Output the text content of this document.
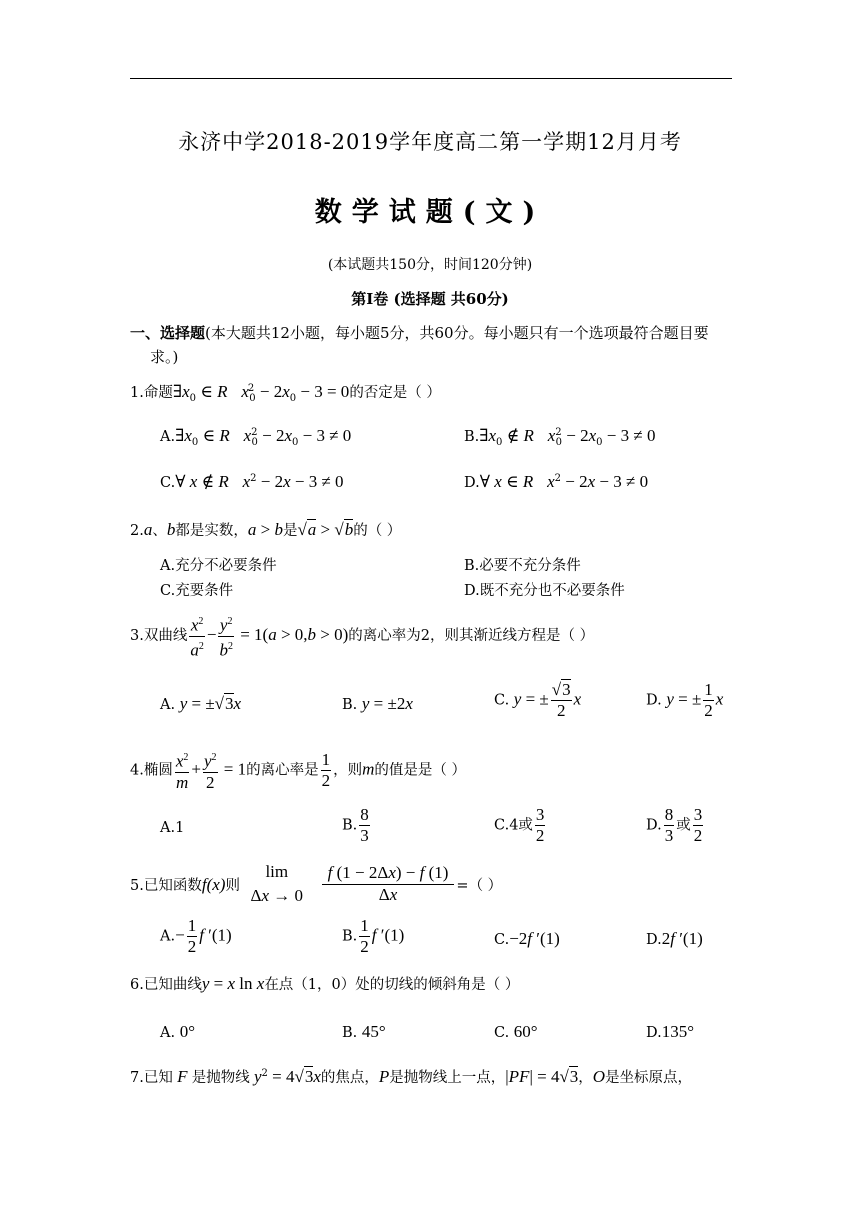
永济中学2018-2019学年度高二第一学期12月月考
数学试题(文)
(本试题共150分，时间120分钟)
第Ⅰ卷 (选择题 共60分)
一、选择题(本大题共12小题，每小题5分，共60分。每小题只有一个选项最符合题目要
求。)
1.命题$\exists x_0$ ∈ R $x^2_0 - 2x_0 - 3 = 0$的否定是（ ）
$A.\exists x_0$ ∈ R $x^2_0 - 2x_0 - 3 \ne 0$	$B.\exists x_0$ ∉ R $x^2_0 - 2x_0 - 3 \ne 0$
C.∀ x ∉ R $x^2 - 2x - 3 \ne 0$	D.∀ x ∈ R $x^2 - 2x - 3 \ne 0$
2.a、b都是实数，a > b是√a > √b的（ ）
A.充分不必要条件	B.必要不充分条件
C.充要条件	D.既不充分也不必要条件
3.双曲线 $\frac{x^2}{a^2} - \frac{y^2}{b^2} = 1(a > 0,b > 0)$的离心率为2，则其渐近线方程是（ ）
A. y = ±√3x	B. y = ±2x	C. y = ± $\frac{√3}{2}$ x	D. y = ± $\frac{1}{2}$ x
4.椭圆 $\frac{x^2}{m} + \frac{y^2}{2} = 1$的离心率是 $\frac{1}{2}$ ，则m的值是是（ ）
A.1	B. $\frac{8}{3}$	C.4或 $\frac{3}{2}$	D. $\frac{8}{3}$ 或 $\frac{3}{2}$
5.已知函数f(x)则
lim
Δx → 0
$\frac{f (1 - 2\Delta x) - f (1)}{\Delta x}$ =（ ）
$A.- \frac{1}{2}$ f ′(1)	B. $\frac{1}{2}$ f ′(1)	C.−2f ′(1)	D.2f ′(1)
6.已知曲线y = x ln x在点（1，0）处的切线的倾斜角是（ ）
A. 0°	B. 45°	C. 60°	D.135°
7.已知 F 是抛物线 $y^2 = 4√3x$的焦点，P是抛物线上一点，|PF| = 4√3，O是坐标原点，
